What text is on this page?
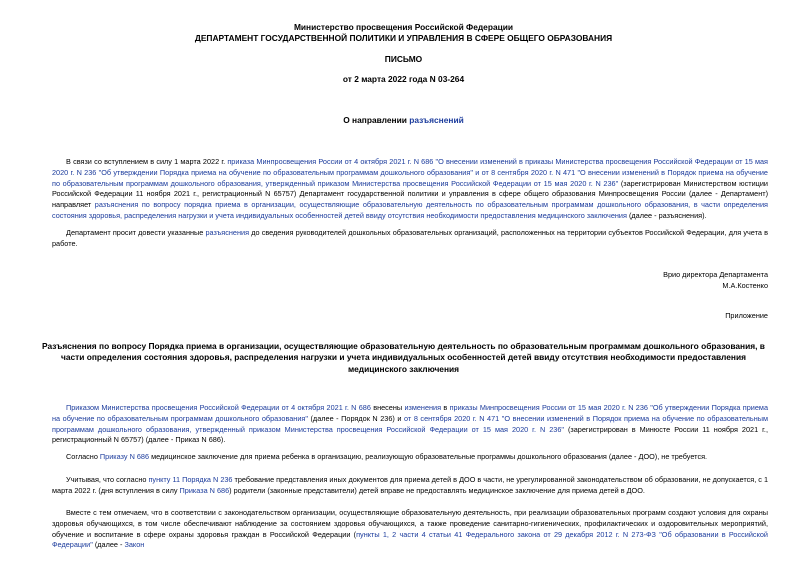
Министерство просвещения Российской Федерации
ДЕПАРТАМЕНТ ГОСУДАРСТВЕННОЙ ПОЛИТИКИ И УПРАВЛЕНИЯ В СФЕРЕ ОБЩЕГО ОБРАЗОВАНИЯ
ПИСЬМО
от 2 марта 2022 года N 03-264
О направлении разъяснений

В связи со вступлением в силу 1 марта 2022 г. приказа Минпросвещения России от 4 октября 2021 г. N 686 "О внесении изменений в приказы Министерства просвещения Российской Федерации от 15 мая 2020 г. N 236 "Об утверждении Порядка приема на обучение по образовательным программам дошкольного образования" и от 8 сентября 2020 г. N 471 "О внесении изменений в Порядок приема на обучение по образовательным программам дошкольного образования, утвержденный приказом Министерства просвещения Российской Федерации от 15 мая 2020 г. N 236" (зарегистрирован Министерством юстиции Российской Федерации 11 ноября 2021 г., регистрационный N 65757) Департамент государственной политики и управления в сфере общего образования Минпросвещения России (далее - Департамент) направляет разъяснения по вопросу порядка приема в организации, осуществляющие образовательную деятельность по образовательным программам дошкольного образования, в части определения состояния здоровья, распределения нагрузки и учета индивидуальных особенностей детей ввиду отсутствия необходимости предоставления медицинского заключения (далее - разъяснения).

Департамент просит довести указанные разъяснения до сведения руководителей дошкольных образовательных организаций, расположенных на территории субъектов Российской Федерации, для учета в работе.

Врио директора Департамента
М.А.Костенко
Приложение
Разъяснения по вопросу Порядка приема в организации, осуществляющие образовательную деятельность по образовательным программам дошкольного образования, в части определения состояния здоровья, распределения нагрузки и учета индивидуальных особенностей детей ввиду отсутствия необходимости предоставления медицинского заключения

Приказом Министерства просвещения Российской Федерации от 4 октября 2021 г. N 686 внесены изменения в приказы Минпросвещения России от 15 мая 2020 г. N 236 "Об утверждении Порядка приема на обучение по образовательным программам дошкольного образования" (далее - Порядок N 236) и от 8 сентября 2020 г. N 471 "О внесении изменений в Порядок приема на обучение по образовательным программам дошкольного образования, утвержденный приказом Министерства просвещения Российской Федерации от 15 мая 2020 г. N 236" (зарегистрирован в Минюсте России 11 ноября 2021 г., регистрационный N 65757) (далее - Приказ N 686).

Согласно Приказу N 686 медицинское заключение для приема ребенка в организацию, реализующую образовательные программы дошкольного образования (далее - ДОО), не требуется.

Учитывая, что согласно пункту 11 Порядка N 236 требование представления иных документов для приема детей в ДОО в части, не урегулированной законодательством об образовании, не допускается, с 1 марта 2022 г. (дня вступления в силу Приказа N 686) родители (законные представители) детей вправе не предоставлять медицинское заключение для приема детей в ДОО.

Вместе с тем отмечаем, что в соответствии с законодательством организации, осуществляющие образовательную деятельность, при реализации образовательных программ создают условия для охраны здоровья обучающихся, в том числе обеспечивают наблюдение за состоянием здоровья обучающихся, а также проведение санитарно-гигиенических, профилактических и оздоровительных мероприятий, обучение и воспитание в сфере охраны здоровья граждан в Российской Федерации (пункты 1, 2 части 4 статьи 41 Федерального закона от 29 декабря 2012 г. N 273-ФЗ "Об образовании в Российской Федерации" (далее - Закон
